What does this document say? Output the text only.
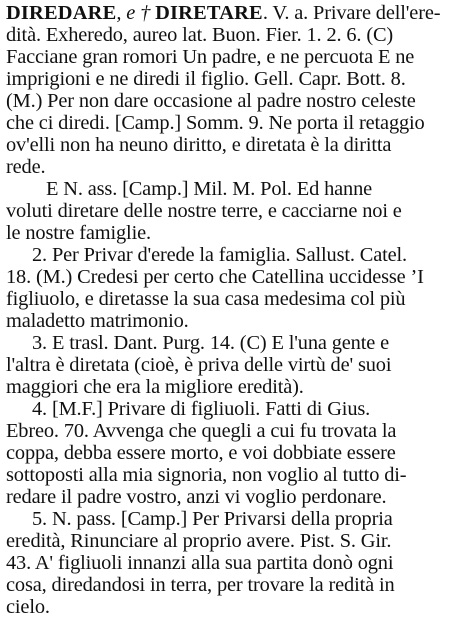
DIREDARE, e † DIRETARE. V. a. Privare dell'ere-
dità. Exheredo, aureo lat. Buon. Fier. 1. 2. 6. (C)
Facciane gran romori Un padre, e ne percuota E ne
imprigioni e ne diredi il figlio. Gell. Capr. Bott. 8.
(M.) Per non dare occasione al padre nostro celeste
che ci diredi. [Camp.] Somm. 9. Ne porta il retaggio
ov'elli non ha neuno diritto, e diretata è la diritta
rede.
E N. ass. [Camp.] Mil. M. Pol. Ed hanne
voluti diretare delle nostre terre, e cacciarne noi e
le nostre famiglie.
2. Per Privar d'erede la famiglia. Sallust. Catel.
18. (M.) Credesi per certo che Catellina uccidesse ’I
figliuolo, e diretasse la sua casa medesima col più
maladetto matrimonio.
3. E trasl. Dant. Purg. 14. (C) E l'una gente e
l'altra è diretata (cioè, è priva delle virtù de' suoi
maggiori che era la migliore eredità).
4. [M.F.] Privare di figliuoli. Fatti di Gius.
Ebreo. 70. Avvenga che quegli a cui fu trovata la
coppa, debba essere morto, e voi dobbiate essere
sottoposti alla mia signoria, non voglio al tutto di-
redare il padre vostro, anzi vi voglio perdonare.
5. N. pass. [Camp.] Per Privarsi della propria
eredità, Rinunciare al proprio avere. Pist. S. Gir.
43. A' figliuoli innanzi alla sua partita donò ogni
cosa, diredandosi in terra, per trovare la redità in
cielo.
